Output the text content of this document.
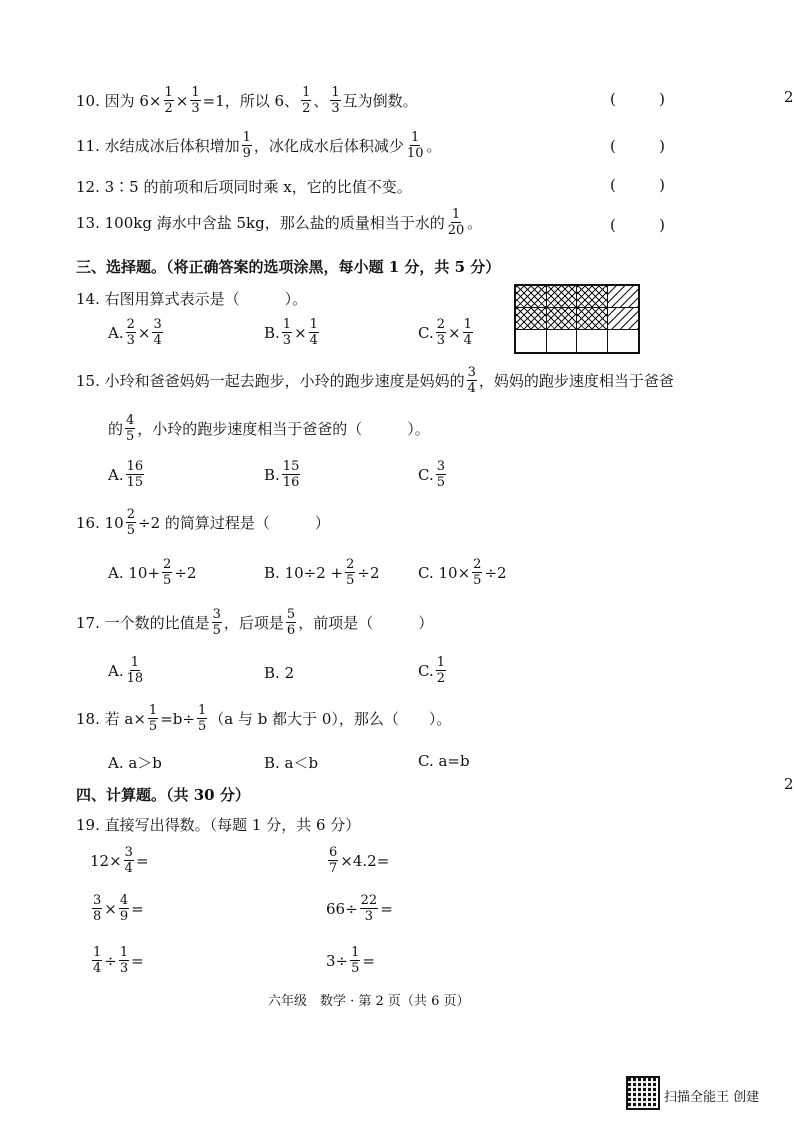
2
2
10. 因为 $6\times \frac{1}{2} \times \frac{1}{3} =1$，所以 6、 $\frac{1}{2}$ 、 $\frac{1}{3}$ 互为倒数。	(	)
11. 水结成冰后体积增加 $\frac{1}{9}$ ，冰化成水后体积减少 $\frac{1}{10}$ 。	(	)
12. 3∶5 的前项和后项同时乘 x，它的比值不变。	(	)
13. 100kg 海水中含盐 5kg，那么盐的质量相当于水的 $\frac{1}{20}$ 。	(	)
三、选择题。（将正确答案的选项涂黑，每小题 1 分，共 5 分）
14. 右图用算式表示是（　　　）。
A. $\frac{2}{3} \times \frac{3}{4}$	B. $\frac{1}{3} \times \frac{1}{4}$	C. $\frac{2}{3} \times \frac{1}{4}$
15. 小玲和爸爸妈妈一起去跑步，小玲的跑步速度是妈妈的 $\frac{3}{4}$ ，妈妈的跑步速度相当于爸爸
的 $\frac{4}{5}$ ，小玲的跑步速度相当于爸爸的（　　　）。
A. $\frac{16}{15}$	B. $\frac{15}{16}$	C. $\frac{3}{5}$
16. $10 \frac{2}{5} \div 2$ 的简算过程是（　　　）
A.
$10+ \frac{2}{5} \div 2$	B.
$10\div 2 + \frac{2}{5} \div 2$	C.
$10\times \frac{2}{5} \div 2$
17. 一个数的比值是 $\frac{3}{5}$ ，后项是 $\frac{5}{6}$ ，前项是（　　　）
A. $\frac{1}{18}$	B.
2	C. $\frac{1}{2}$
18. 若 $a\times \frac{1}{5} =b\div \frac{1}{5} (a$ 与 b 都大于 0），那么（　　）。
A. a＞b	B. a＜b	C. a=b
四、计算题。（共 30 分）
19. 直接写出得数。（每题 1 分，共 6 分）
$12\times \frac{3}{4}$ =	$\frac{6}{7} \times 4.2=$
$\frac{3}{8} \times \frac{4}{9}$ =	$66\div \frac{22}{3}$ =
$\frac{1}{4} \div \frac{1}{3}$ =	$3\div \frac{1}{5}$ =
六年级　数学 · 第 2 页（共 6 页）
扫描全能王 创建
